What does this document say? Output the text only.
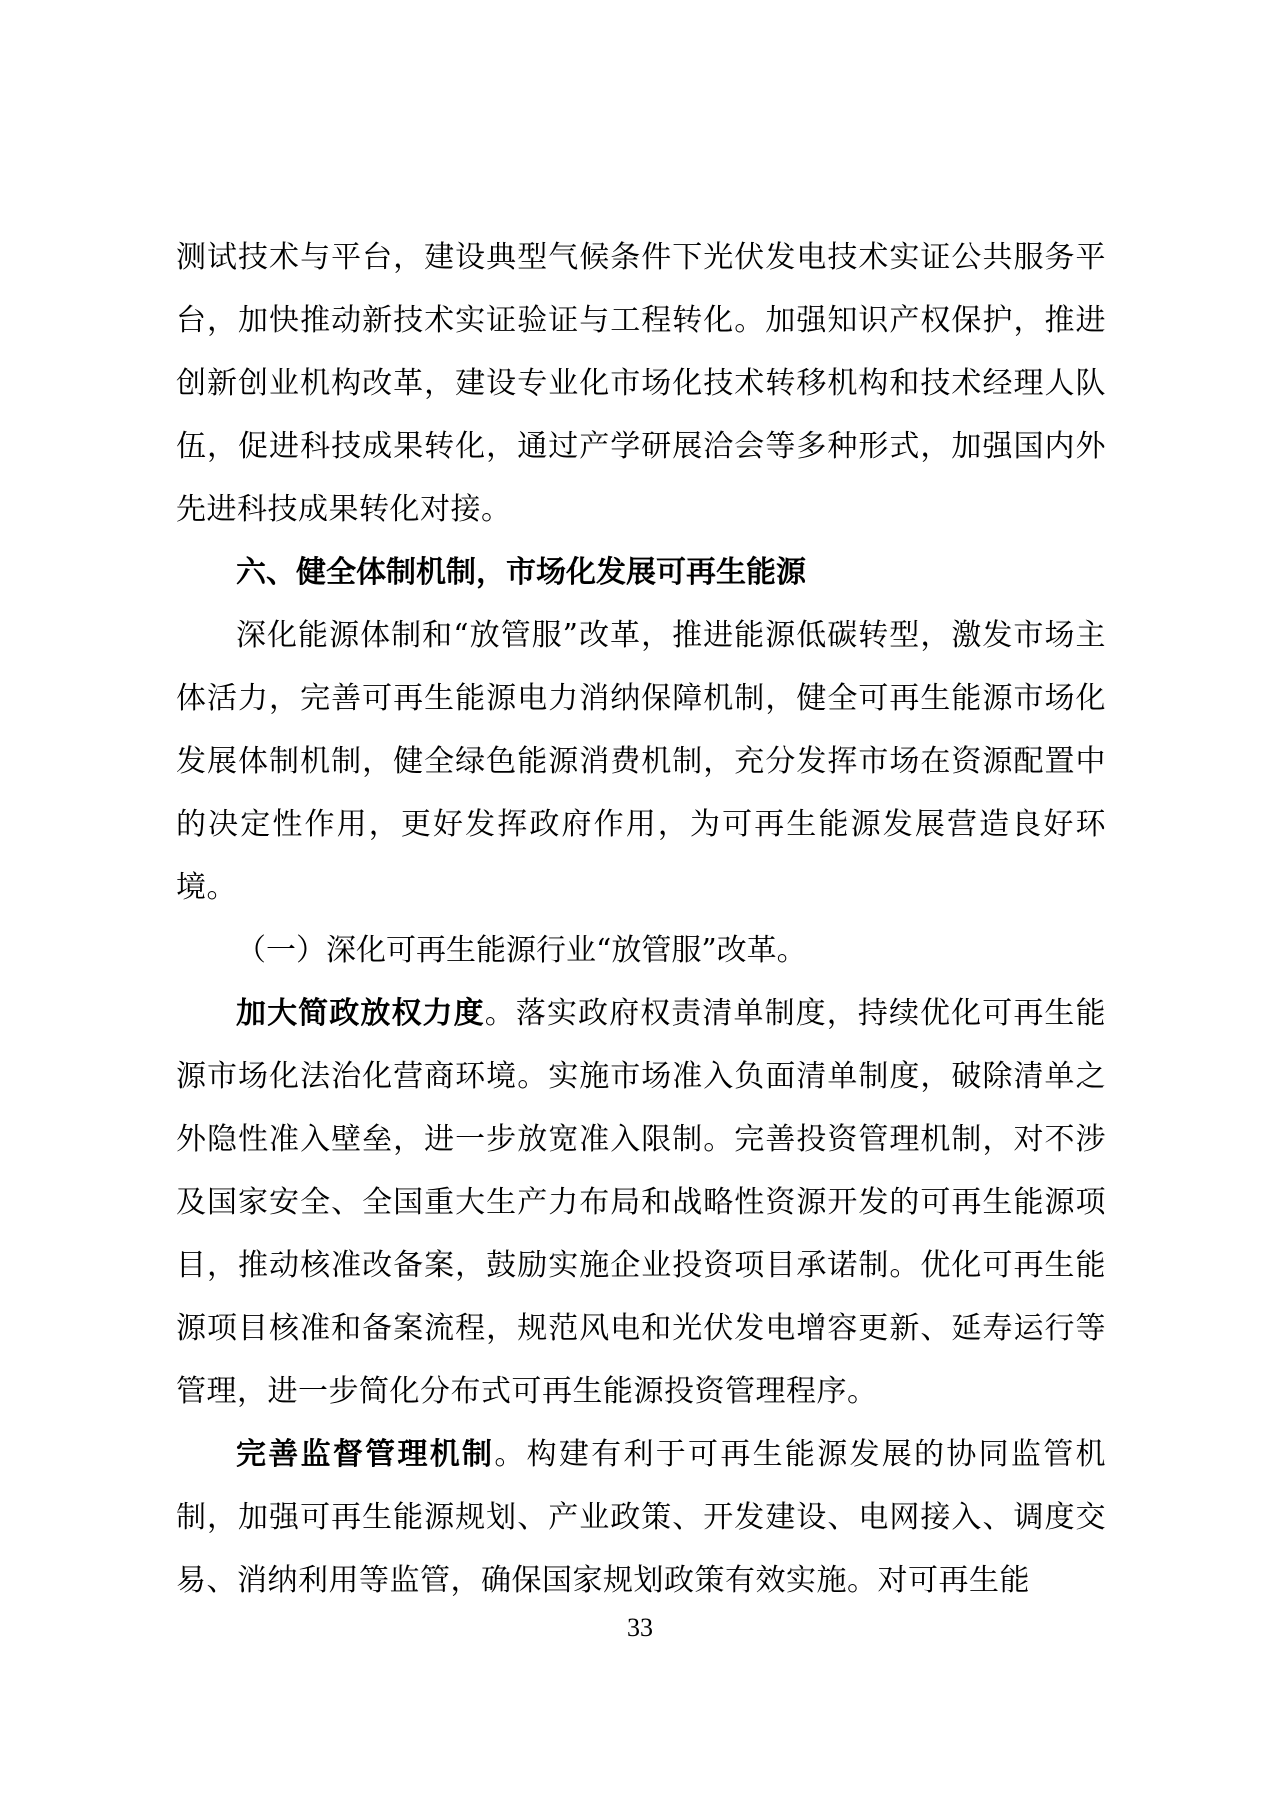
测试技术与平台，建设典型气候条件下光伏发电技术实证公共服务平台，加快推动新技术实证验证与工程转化。加强知识产权保护，推进创新创业机构改革，建设专业化市场化技术转移机构和技术经理人队伍，促进科技成果转化，通过产学研展洽会等多种形式，加强国内外先进科技成果转化对接。

六、健全体制机制，市场化发展可再生能源

深化能源体制和“放管服”改革，推进能源低碳转型，激发市场主体活力，完善可再生能源电力消纳保障机制，健全可再生能源市场化发展体制机制，健全绿色能源消费机制，充分发挥市场在资源配置中的决定性作用，更好发挥政府作用，为可再生能源发展营造良好环境。

（一）深化可再生能源行业“放管服”改革。

加大简政放权力度。落实政府权责清单制度，持续优化可再生能源市场化法治化营商环境。实施市场准入负面清单制度，破除清单之外隐性准入壁垒，进一步放宽准入限制。完善投资管理机制，对不涉及国家安全、全国重大生产力布局和战略性资源开发的可再生能源项目，推动核准改备案，鼓励实施企业投资项目承诺制。优化可再生能源项目核准和备案流程，规范风电和光伏发电增容更新、延寿运行等管理，进一步简化分布式可再生能源投资管理程序。

完善监督管理机制。构建有利于可再生能源发展的协同监管机制，加强可再生能源规划、产业政策、开发建设、电网接入、调度交易、消纳利用等监管，确保国家规划政策有效实施。对可再生能

33
